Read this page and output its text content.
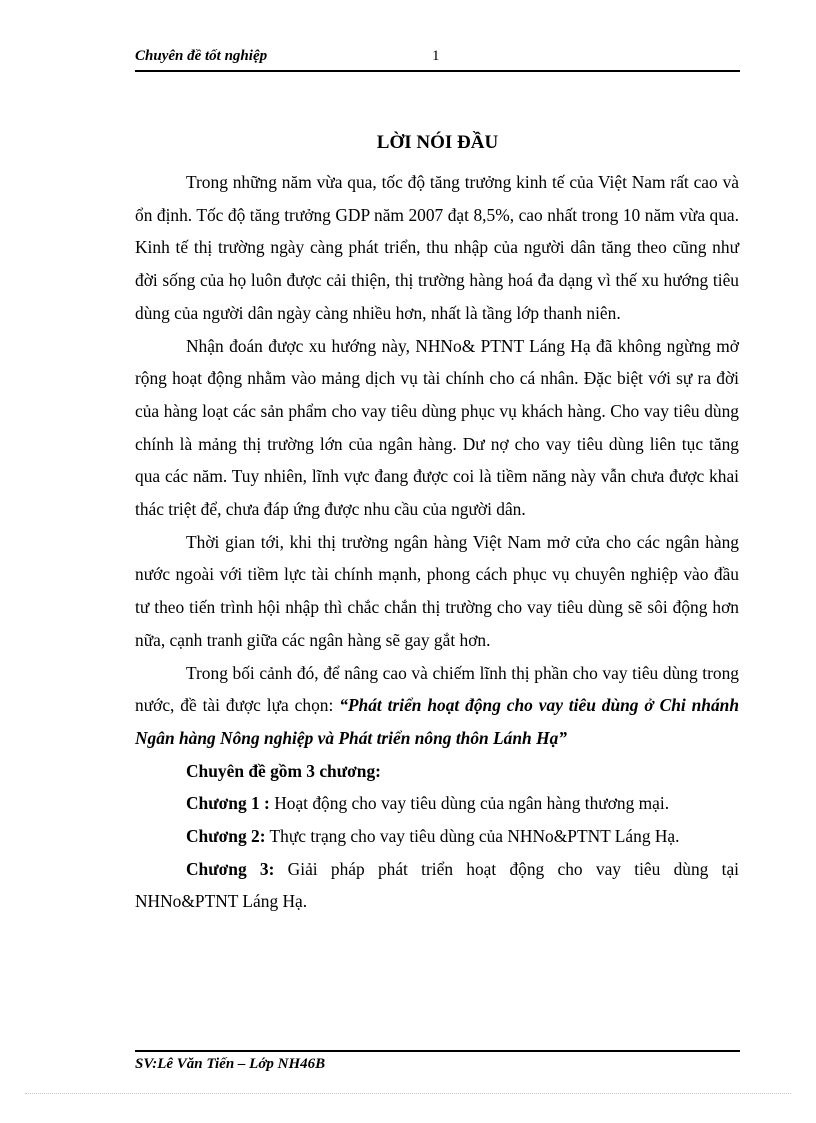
Chuyên đề tốt nghiệp	1
LỜI NÓI ĐẦU

Trong những năm vừa qua, tốc độ tăng trưởng kinh tế của Việt Nam rất cao và ổn định. Tốc độ tăng trưởng GDP năm 2007 đạt 8,5%, cao nhất trong 10 năm vừa qua. Kinh tế thị trường ngày càng phát triển, thu nhập của người dân tăng theo cũng như đời sống của họ luôn được cải thiện, thị trường hàng hoá đa dạng vì thế xu hướng tiêu dùng của người dân ngày càng nhiều hơn, nhất là tầng lớp thanh niên.

Nhận đoán được xu hướng này, NHNo& PTNT Láng Hạ đã không ngừng mở rộng hoạt động nhằm vào mảng dịch vụ tài chính cho cá nhân. Đặc biệt với sự ra đời của hàng loạt các sản phẩm cho vay tiêu dùng phục vụ khách hàng. Cho vay tiêu dùng chính là mảng thị trường lớn của ngân hàng. Dư nợ cho vay tiêu dùng liên tục tăng qua các năm. Tuy nhiên, lĩnh vực đang được coi là tiềm năng này vẫn chưa được khai thác triệt để, chưa đáp ứng được nhu cầu của người dân.

Thời gian tới, khi thị trường ngân hàng Việt Nam mở cửa cho các ngân hàng nước ngoài với tiềm lực tài chính mạnh, phong cách phục vụ chuyên nghiệp vào đầu tư theo tiến trình hội nhập thì chắc chắn thị trường cho vay tiêu dùng sẽ sôi động hơn nữa, cạnh tranh giữa các ngân hàng sẽ gay gắt hơn.

Trong bối cảnh đó, để nâng cao và chiếm lĩnh thị phần cho vay tiêu dùng trong nước, đề tài được lựa chọn: “Phát triển hoạt động cho vay tiêu dùng ở Chi nhánh Ngân hàng Nông nghiệp và Phát triển nông thôn Lánh Hạ”

Chuyên đề gồm 3 chương:

Chương 1 : Hoạt động cho vay tiêu dùng của ngân hàng thương mại.

Chương 2: Thực trạng cho vay tiêu dùng của NHNo&PTNT Láng Hạ.

Chương 3: Giải pháp phát triển hoạt động cho vay tiêu dùng tại NHNo&PTNT Láng Hạ.

SV:Lê Văn Tiến – Lớp NH46B
